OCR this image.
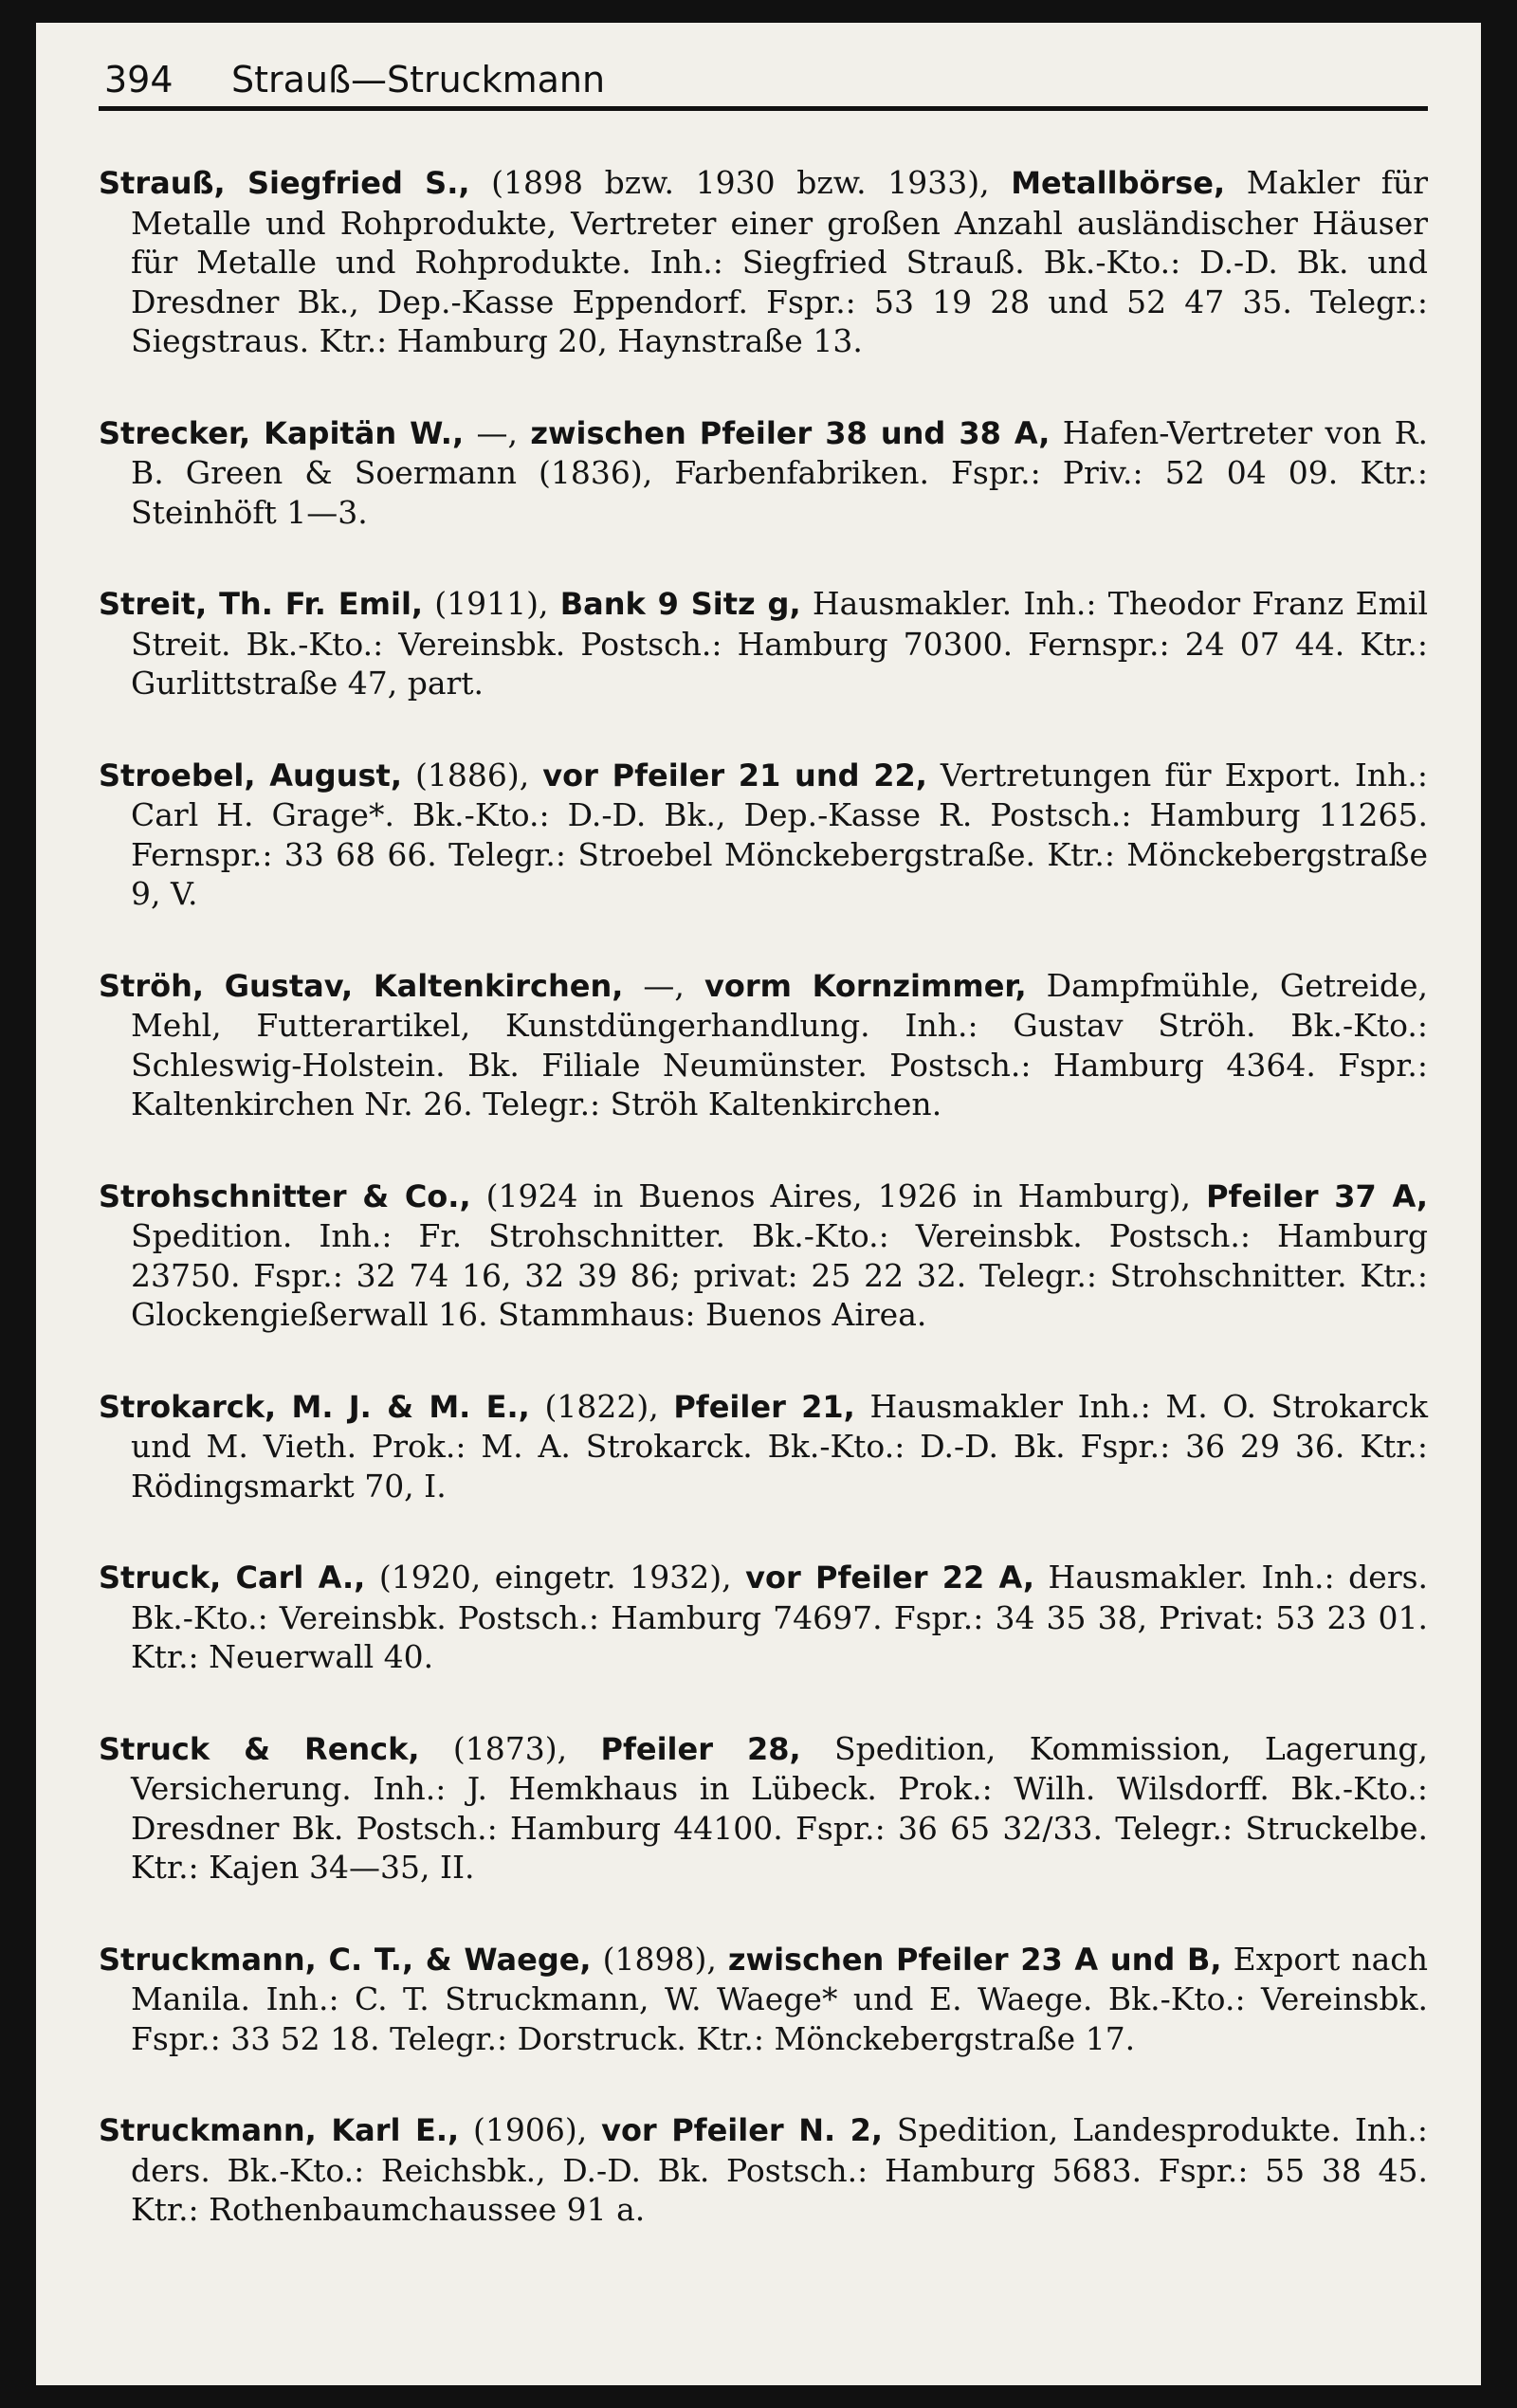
394 Strauß—Struckmann

Strauß, Siegfried S., (1898 bzw. 1930 bzw. 1933), Metallbörse, Makler für Metalle und Rohprodukte, Vertreter einer großen Anzahl ausländischer Häuser für Metalle und Rohprodukte. Inh.: Siegfried Strauß. Bk.-Kto.: D.-D. Bk. und Dresdner Bk., Dep.-Kasse Eppendorf. Fspr.: 53 19 28 und 52 47 35. Telegr.: Siegstraus. Ktr.: Hamburg 20, Haynstraße 13.

Strecker, Kapitän W., —, zwischen Pfeiler 38 und 38 A, Hafen-Vertreter von R. B. Green & Soermann (1836), Farbenfabriken. Fspr.: Priv.: 52 04 09. Ktr.: Steinhöft 1—3.

Streit, Th. Fr. Emil, (1911), Bank 9 Sitz g, Hausmakler. Inh.: Theodor Franz Emil Streit. Bk.-Kto.: Vereinsbk. Postsch.: Hamburg 70300. Fernspr.: 24 07 44. Ktr.: Gurlittstraße 47, part.

Stroebel, August, (1886), vor Pfeiler 21 und 22, Vertretungen für Export. Inh.: Carl H. Grage*. Bk.-Kto.: D.-D. Bk., Dep.-Kasse R. Postsch.: Hamburg 11265. Fernspr.: 33 68 66. Telegr.: Stroebel Mönckebergstraße. Ktr.: Mönckebergstraße 9, V.

Ströh, Gustav, Kaltenkirchen, —, vorm Kornzimmer, Dampfmühle, Getreide, Mehl, Futterartikel, Kunstdüngerhandlung. Inh.: Gustav Ströh. Bk.-Kto.: Schleswig-Holstein. Bk. Filiale Neumünster. Postsch.: Hamburg 4364. Fspr.: Kaltenkirchen Nr. 26. Telegr.: Ströh Kaltenkirchen.

Strohschnitter & Co., (1924 in Buenos Aires, 1926 in Hamburg), Pfeiler 37 A, Spedition. Inh.: Fr. Strohschnitter. Bk.-Kto.: Vereinsbk. Postsch.: Hamburg 23750. Fspr.: 32 74 16, 32 39 86; privat: 25 22 32. Telegr.: Strohschnitter. Ktr.: Glockengießerwall 16. Stammhaus: Buenos Airea.

Strokarck, M. J. & M. E., (1822), Pfeiler 21, Hausmakler Inh.: M. O. Strokarck und M. Vieth. Prok.: M. A. Strokarck. Bk.-Kto.: D.-D. Bk. Fspr.: 36 29 36. Ktr.: Rödingsmarkt 70, I.

Struck, Carl A., (1920, eingetr. 1932), vor Pfeiler 22 A, Hausmakler. Inh.: ders. Bk.-Kto.: Vereinsbk. Postsch.: Hamburg 74697. Fspr.: 34 35 38, Privat: 53 23 01. Ktr.: Neuerwall 40.

Struck & Renck, (1873), Pfeiler 28, Spedition, Kommission, Lagerung, Versicherung. Inh.: J. Hemkhaus in Lübeck. Prok.: Wilh. Wilsdorff. Bk.-Kto.: Dresdner Bk. Postsch.: Hamburg 44100. Fspr.: 36 65 32/33. Telegr.: Struckelbe. Ktr.: Kajen 34—35, II.

Struckmann, C. T., & Waege, (1898), zwischen Pfeiler 23 A und B, Export nach Manila. Inh.: C. T. Struckmann, W. Waege* und E. Waege. Bk.-Kto.: Vereinsbk. Fspr.: 33 52 18. Telegr.: Dorstruck. Ktr.: Mönckebergstraße 17.

Struckmann, Karl E., (1906), vor Pfeiler N. 2, Spedition, Landesprodukte. Inh.: ders. Bk.-Kto.: Reichsbk., D.-D. Bk. Postsch.: Hamburg 5683. Fspr.: 55 38 45. Ktr.: Rothenbaumchaussee 91 a.
